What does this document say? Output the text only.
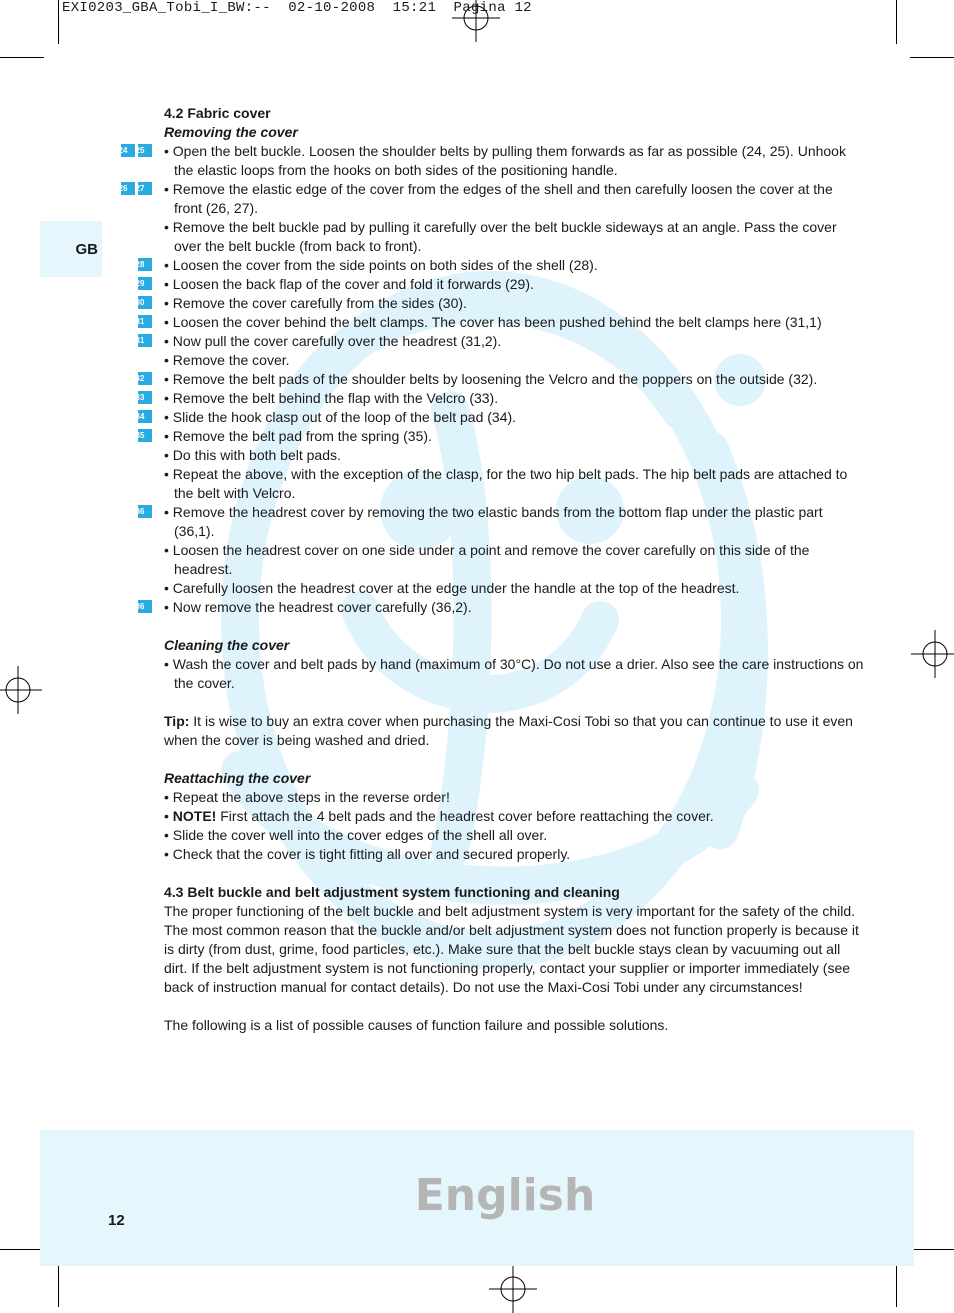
EXI0203_GBA_Tobi_I_BW:--  02-10-2008  15:21  Pagina 12
GB

4.2 Fabric cover

Removing the cover

• Open the belt buckle. Loosen the shoulder belts by pulling them forwards as far as possible (24, 25). Unhook the elastic loops from the hooks on both sides of the positioning handle.
24	25

• Remove the elastic edge of the cover from the edges of the shell and then carefully loosen the cover at the front (26, 27).
26	27

• Remove the belt buckle pad by pulling it carefully over the belt buckle sideways at an angle. Pass the cover over the belt buckle (from back to front).

• Loosen the cover from the side points on both sides of the shell (28).
28

• Loosen the back flap of the cover and fold it forwards (29).
29

• Remove the cover carefully from the sides (30).
30

• Loosen the cover behind the belt clamps. The cover has been pushed behind the belt clamps here (31,1)
31

• Now pull the cover carefully over the headrest (31,2).
31

• Remove the cover.

• Remove the belt pads of the shoulder belts by loosening the Velcro and the poppers on the outside (32).
32

• Remove the belt behind the flap with the Velcro (33).
33

• Slide the hook clasp out of the loop of the belt pad (34).
34

• Remove the belt pad from the spring (35).
35

• Do this with both belt pads.

• Repeat the above, with the exception of the clasp, for the two hip belt pads. The hip belt pads are attached to the belt with Velcro.

• Remove the headrest cover by removing the two elastic bands from the bottom flap under the plastic part (36,1).
36

• Loosen the headrest cover on one side under a point and remove the cover carefully on this side of the headrest.

• Carefully loosen the headrest cover at the edge under the handle at the top of the headrest.

• Now remove the headrest cover carefully (36,2).
36

Cleaning the cover

• Wash the cover and belt pads by hand (maximum of 30°C). Do not use a drier. Also see the care instructions on the cover.

Tip: It is wise to buy an extra cover when purchasing the Maxi-Cosi Tobi so that you can continue to use it even when the cover is being washed and dried.

Reattaching the cover

• Repeat the above steps in the reverse order!

• NOTE! First attach the 4 belt pads and the headrest cover before reattaching the cover.

• Slide the cover well into the cover edges of the shell all over.

• Check that the cover is tight fitting all over and secured properly.

4.3 Belt buckle and belt adjustment system functioning and cleaning

The proper functioning of the belt buckle and belt adjustment system is very important for the safety of the child. The most common reason that the buckle and/or belt adjustment system does not function properly is because it is dirty (from dust, grime, food particles, etc.). Make sure that the belt buckle stays clean by vacuuming out all dirt. If the belt adjustment system is not functioning properly, contact your supplier or importer immediately (see back of instruction manual for contact details). Do not use the Maxi-Cosi Tobi under any circumstances!

The following is a list of possible causes of function failure and possible solutions.

English
12
